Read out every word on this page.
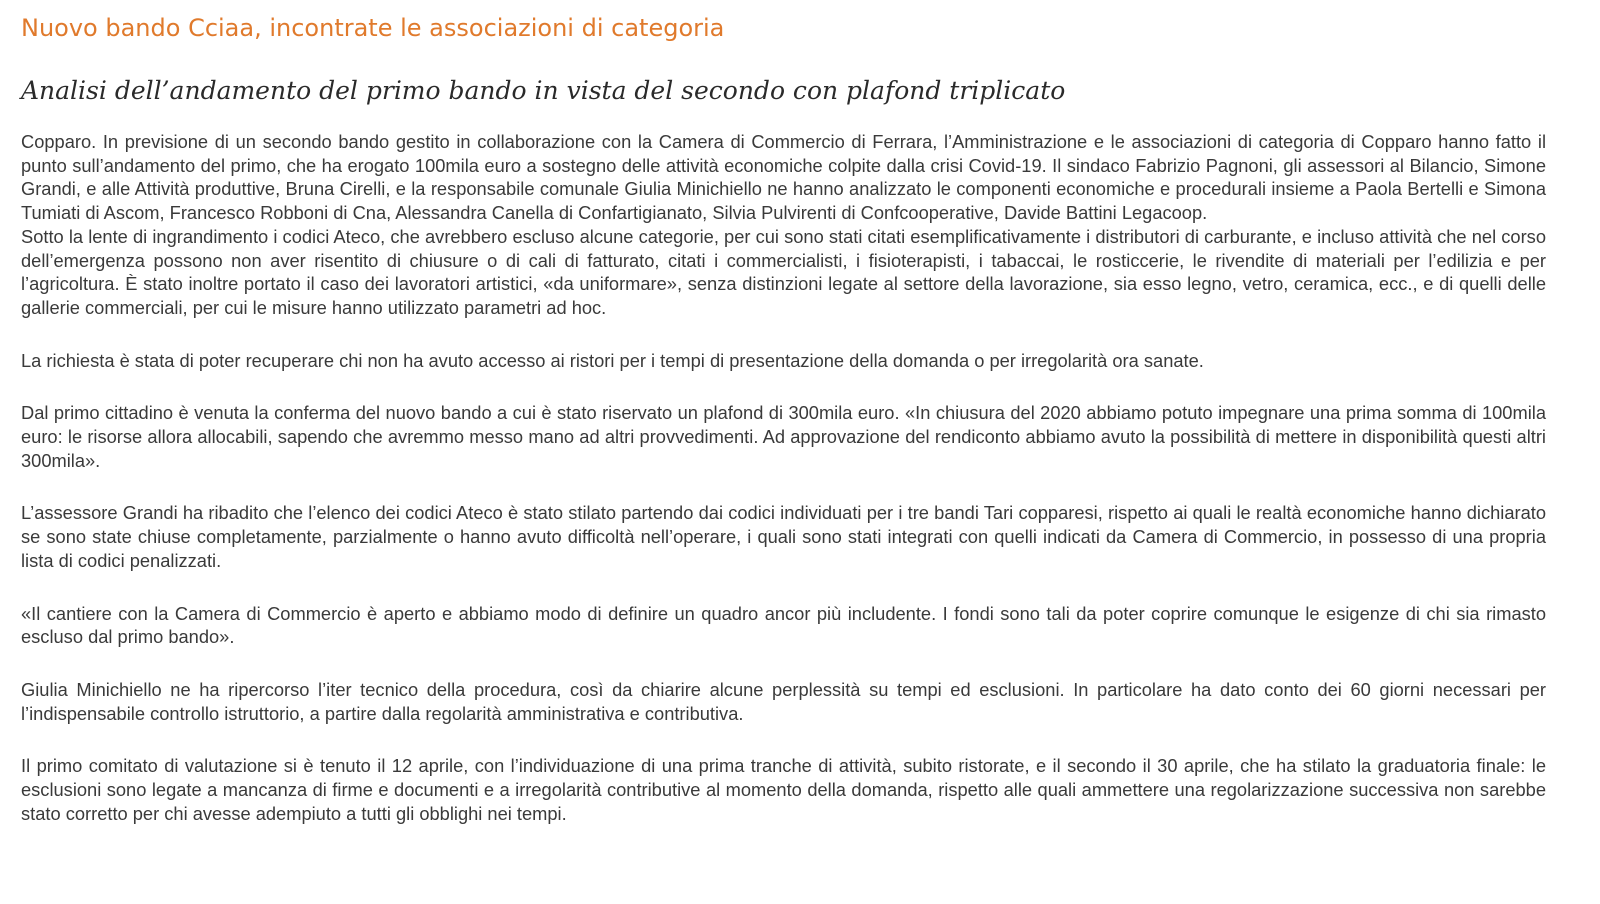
Nuovo bando Cciaa, incontrate le associazioni di categoria
Analisi dell’andamento del primo bando in vista del secondo con plafond triplicato

Copparo. In previsione di un secondo bando gestito in collaborazione con la Camera di Commercio di Ferrara, l’Amministrazione e le associazioni di categoria di Copparo hanno fatto il punto sull’andamento del primo, che ha erogato 100mila euro a sostegno delle attività economiche colpite dalla crisi Covid-19. Il sindaco Fabrizio Pagnoni, gli assessori al Bilancio, Simone Grandi, e alle Attività produttive, Bruna Cirelli, e la responsabile comunale Giulia Minichiello ne hanno analizzato le componenti economiche e procedurali insieme a Paola Bertelli e Simona Tumiati di Ascom, Francesco Robboni di Cna, Alessandra Canella di Confartigianato, Silvia Pulvirenti di Confcooperative, Davide Battini Legacoop.

Sotto la lente di ingrandimento i codici Ateco, che avrebbero escluso alcune categorie, per cui sono stati citati esemplificativamente i distributori di carburante, e incluso attività che nel corso dell’emergenza possono non aver risentito di chiusure o di cali di fatturato, citati i commercialisti, i fisioterapisti, i tabaccai, le rosticcerie, le rivendite di materiali per l’edilizia e per l’agricoltura. È stato inoltre portato il caso dei lavoratori artistici, «da uniformare», senza distinzioni legate al settore della lavorazione, sia esso legno, vetro, ceramica, ecc., e di quelli delle gallerie commerciali, per cui le misure hanno utilizzato parametri ad hoc.

La richiesta è stata di poter recuperare chi non ha avuto accesso ai ristori per i tempi di presentazione della domanda o per irregolarità ora sanate.

Dal primo cittadino è venuta la conferma del nuovo bando a cui è stato riservato un plafond di 300mila euro. «In chiusura del 2020 abbiamo potuto impegnare una prima somma di 100mila euro: le risorse allora allocabili, sapendo che avremmo messo mano ad altri provvedimenti. Ad approvazione del rendiconto abbiamo avuto la possibilità di mettere in disponibilità questi altri 300mila».

L’assessore Grandi ha ribadito che l’elenco dei codici Ateco è stato stilato partendo dai codici individuati per i tre bandi Tari copparesi, rispetto ai quali le realtà economiche hanno dichiarato se sono state chiuse completamente, parzialmente o hanno avuto difficoltà nell’operare, i quali sono stati integrati con quelli indicati da Camera di Commercio, in possesso di una propria lista di codici penalizzati.

«Il cantiere con la Camera di Commercio è aperto e abbiamo modo di definire un quadro ancor più includente. I fondi sono tali da poter coprire comunque le esigenze di chi sia rimasto escluso dal primo bando».

Giulia Minichiello ne ha ripercorso l’iter tecnico della procedura, così da chiarire alcune perplessità su tempi ed esclusioni. In particolare ha dato conto dei 60 giorni necessari per l’indispensabile controllo istruttorio, a partire dalla regolarità amministrativa e contributiva.

Il primo comitato di valutazione si è tenuto il 12 aprile, con l’individuazione di una prima tranche di attività, subito ristorate, e il secondo il 30 aprile, che ha stilato la graduatoria finale: le esclusioni sono legate a mancanza di firme e documenti e a irregolarità contributive al momento della domanda, rispetto alle quali ammettere una regolarizzazione successiva non sarebbe stato corretto per chi avesse adempiuto a tutti gli obblighi nei tempi.
